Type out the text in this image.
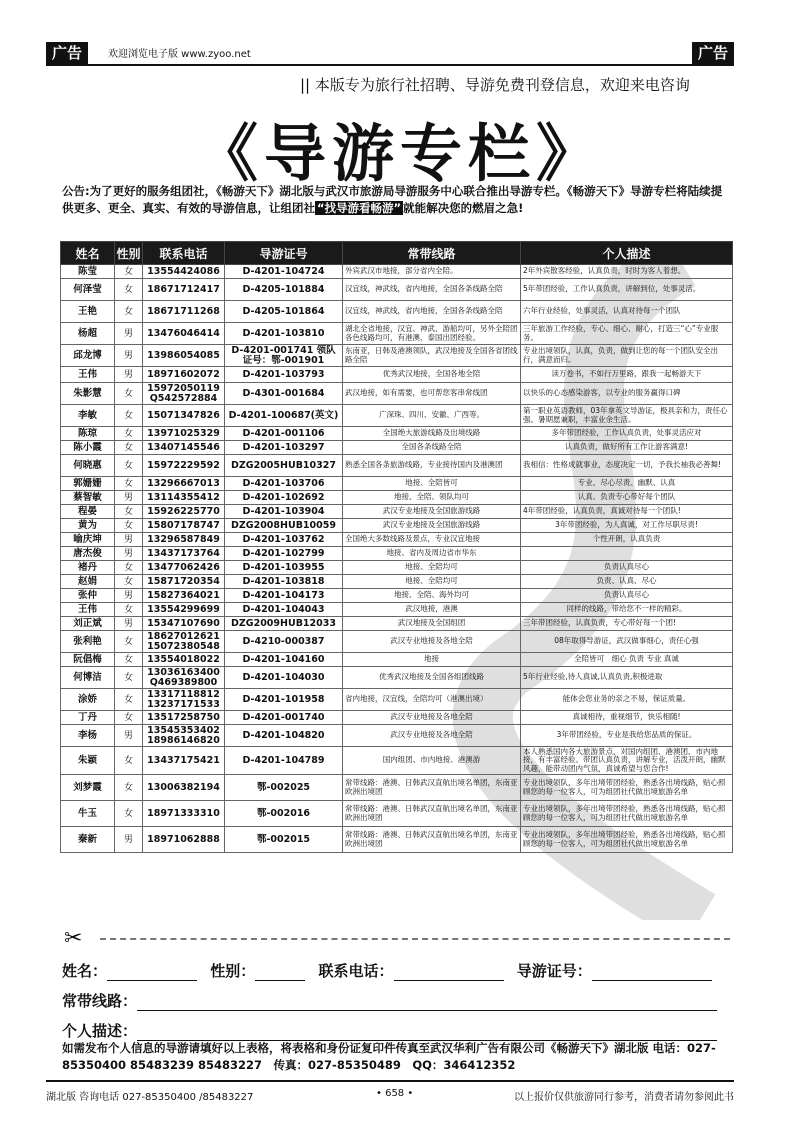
广告	欢迎浏览电子版 www.zyoo.net	广告
|| 本版专为旅行社招聘、导游免费刊登信息，欢迎来电咨询
《导游专栏》
公告:为了更好的服务组团社，《畅游天下》湖北版与武汉市旅游局导游服务中心联合推出导游专栏。《畅游天下》导游专栏将陆续提供更多、更全、真实、有效的导游信息，让组团社 “找导游看畅游” 就能解决您的燃眉之急!
姓名	性别	联系电话	导游证号	常带线路	个人描述
陈莹	女	13554424086	D-4201-104724	外宾武汉市地接，部分省内全陪。	2年外宾散客经验，认真负责，时时为客人着想。
何泽莹	女	18671712417	D-4205-101884	汉宜线，神武线，省内地接，全国各条线路全陪	5年带团经验，工作认真负责，讲解到位，处事灵活。
王艳	女	18671711268	D-4205-101864	汉宜线，神武线，省内地接，全国各条线路全陪	六年行业经验，处事灵活，认真对待每一个团队
杨超	男	13476046414	D-4201-103810	湖北全省地接，汉宜、神武、游船均可，另外全陪团各色线路均可，有港澳、泰国出团经验。	三年旅游工作经验，专心、细心、耐心，打造三“心”专业服务。
邱龙博	男	13986054085	D-4201-001741 领队证号：鄂-001901	东南亚，日韩及港澳领队，武汉地接及全国各省团线路全陪	专业出境领队，认真，负责，做到让您的每一个团队安全出行，满意而归。
王伟	男	18971602072	D-4201-103793	优秀武汉地接，全国各地全陪	读万卷书，不如行万里路，跟我一起畅游天下
朱影慧	女	15972050119 Q542572884	D-4301-001684	武汉地接，如有需要，也可帮您客串常线团	以快乐的心态感染游客，以专业的服务赢得口碑
李敏	女	15071347826	D-4201-100687(英文)	广深珠、四川、安徽、广西等。	第一职业英语教师，03年拿英文导游证，极具亲和力，责任心强。暑期愿兼职，丰富业余生活。
陈琼	女	13971025329	D-4201-001106	全国绝大旅游线路及出境线路	多年带团经验，工作认真负责，处事灵活应对
陈小霞	女	13407145546	D-4201-103297	全国各条线路全陪	认真负责，做好所有工作让游客满意!
何晓惠	女	15972229592	DZG2005HUB10327	熟悉全国各条旅游线路，专业接待国内及港澳团	我相信：性格成就事业，态度决定一切，予我长袖我必善舞!
郭姗姗	女	13296667013	D-4201-103706	地接、全陪皆可	专业、尽心尽责、幽默、认真
蔡智敏	男	13114355412	D-4201-102692	地接、全陪、领队均可	认真、负责专心带好每个团队
程晏	女	15926225770	D-4201-103904	武汉专业地接及全国旅游线路	4年带团经验，认真负责，真诚对待每一个团队!
黄为	女	15807178747	DZG2008HUB10059	武汉专业地接及全国旅游线路	3年带团经验，为人真诚，对工作尽职尽责!
喻庆坤	男	13296587849	D-4201-103762	全国绝大多数线路及景点，专业汉宜地接	个性开朗，认真负责
唐杰俊	男	13437173764	D-4201-102799	地接、省内及周边省市华东	
褚丹	女	13477062426	D-4201-103955	地接、全陪均可	负责认真尽心
赵娟	女	15871720354	D-4201-103818	地接、全陪均可	负责、认真、尽心
张仲	男	15827364021	D-4201-104173	地接、全陪、海外均可	负责认真尽心
王伟	女	13554299699	D-4201-104043	武汉地接，港澳	同样的线路，带给您不一样的精彩。
刘正斌	男	15347107690	DZG2009HUB12033	武汉地接及全国组团	三年带团经验，认真负责，专心带好每一个团!
张利艳	女	18627012621 15072380548	D-4210-000387	武汉专业地接及各地全陪	08年取得导游证，武汉做事细心，责任心强
阮倡梅	女	13554018022	D-4201-104160	地接	全陪皆可　细心 负责 专业 真诚
何博洁	女	13036163400 Q469389800	D-4201-104030	优秀武汉地接及全国各组团线路	5年行业经验,待人真诚,认真负责,积极进取
涂娇	女	13317118812 13237171533	D-4201-101958	省内地接，汉宜线，全陪均可（港澳出境）	能体会您业务的亲之不易，保证质量。
丁丹	女	13517258750	D-4201-001740	武汉专业地接及各地全陪	真诚相待，重视细节，快乐相随!
李杨	男	13545353402 18986146820	D-4201-104820	武汉专业地接及各地全陪	3年带团经验，专业是我给您品质的保证。
朱颖	女	13437175421	D-4201-104789	国内组团、市内地接、港澳游	本人熟悉国内各大旅游景点，对国内组团、港澳团、市内地接，有丰富经验。带团认真负责，讲解专业，活泼开朗，幽默风趣，能带动团内气氛，真诚希望与您合作!
刘梦霞	女	13006382194	鄂-002025	常带线路：港澳、日韩武汉直航出境名单团，东南亚欧洲出境团	专业出境领队，多年出境带团经验，熟悉各出境线路，贴心照顾您的每一位客人，可为组团社代做出境旅游名单
牛玉	女	18971333310	鄂-002016	常带线路：港澳、日韩武汉直航出境名单团，东南亚欧洲出境团	专业出境领队，多年出境带团经验，熟悉各出境线路，贴心照顾您的每一位客人，可为组团社代做出境旅游名单
秦新	男	18971062888	鄂-002015	常带线路：港澳、日韩武汉直航出境名单团，东南亚欧洲出境团	专业出境领队，多年出境带团经验，熟悉各出境线路，贴心照顾您的每一位客人，可为组团社代做出境旅游名单
✂
姓名：	性别：	联系电话：	导游证号：
常带线路：
个人描述：
如需发布个人信息的导游请填好以上表格，将表格和身份证复印件传真至武汉华利广告有限公司《畅游天下》湖北版 电话：027-85350400 85483239 85483227　传真：027-85350489　QQ：346412352
湖北版 咨询电话 027-85350400 /85483227	• 658 •	以上报价仅供旅游同行参考，消费者请勿参阅此书
